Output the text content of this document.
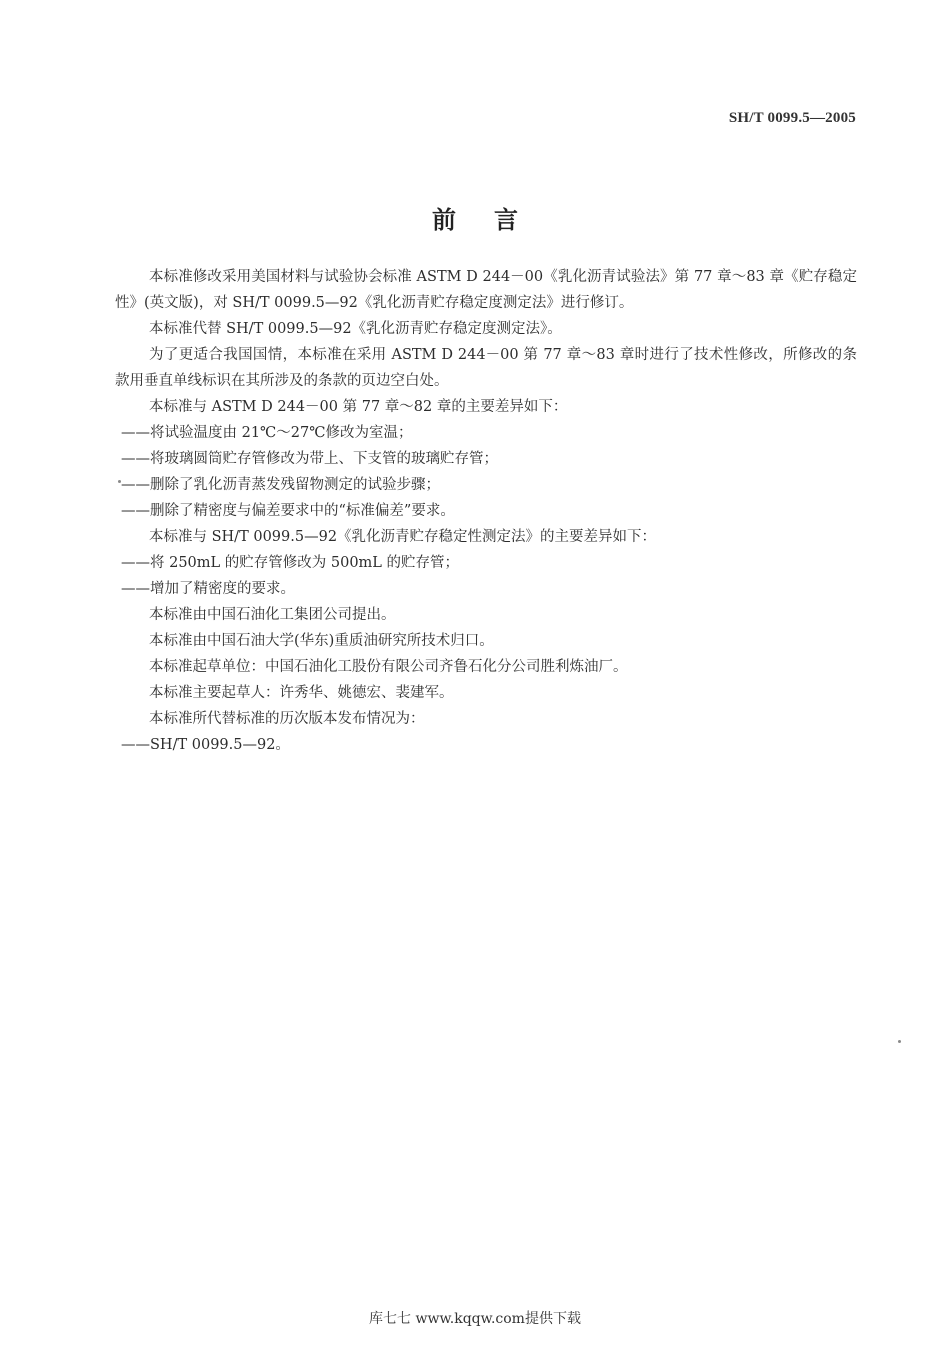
SH/T 0099.5—2005
前言

本标准修改采用美国材料与试验协会标准 ASTM D 244－00《乳化沥青试验法》第 77 章～83 章《贮存稳定性》(英文版)，对 SH/T 0099.5—92《乳化沥青贮存稳定度测定法》进行修订。

本标准代替 SH/T 0099.5—92《乳化沥青贮存稳定度测定法》。

为了更适合我国国情，本标准在采用 ASTM D 244－00 第 77 章～83 章时进行了技术性修改，所修改的条款用垂直单线标识在其所涉及的条款的页边空白处。

本标准与 ASTM D 244－00 第 77 章～82 章的主要差异如下：

——将试验温度由 21℃～27℃修改为室温；

——将玻璃圆筒贮存管修改为带上、下支管的玻璃贮存管；

——删除了乳化沥青蒸发残留物测定的试验步骤；

——删除了精密度与偏差要求中的“标准偏差”要求。

本标准与 SH/T 0099.5—92《乳化沥青贮存稳定性测定法》的主要差异如下：

——将 250mL 的贮存管修改为 500mL 的贮存管；

——增加了精密度的要求。

本标准由中国石油化工集团公司提出。

本标准由中国石油大学(华东)重质油研究所技术归口。

本标准起草单位：中国石油化工股份有限公司齐鲁石化分公司胜利炼油厂。

本标准主要起草人：许秀华、姚德宏、裴建军。

本标准所代替标准的历次版本发布情况为：

——SH/T 0099.5—92。

库七七 www.kqqw.com提供下载
